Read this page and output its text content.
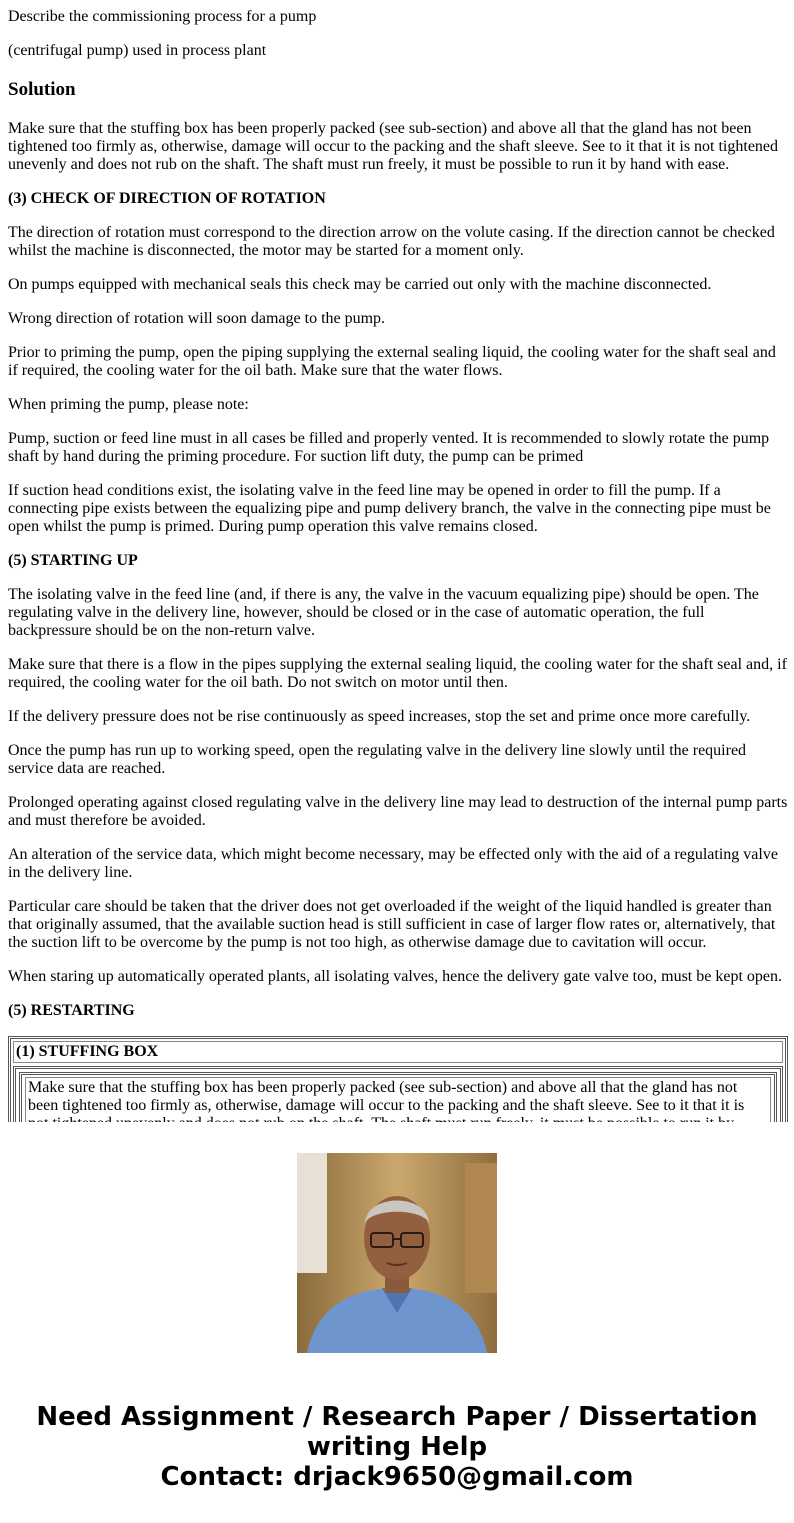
Describe the commissioning process for a pump

(centrifugal pump) used in process plant

Solution

Make sure that the stuffing box has been properly packed (see sub-section) and above all that the gland has not been tightened too firmly as, otherwise, damage will occur to the packing and the shaft sleeve. See to it that it is not tightened unevenly and does not rub on the shaft. The shaft must run freely, it must be possible to run it by hand with ease.

(3) CHECK OF DIRECTION OF ROTATION

The direction of rotation must correspond to the direction arrow on the volute casing. If the direction cannot be checked whilst the machine is disconnected, the motor may be started for a moment only.

On pumps equipped with mechanical seals this check may be carried out only with the machine disconnected.

Wrong direction of rotation will soon damage to the pump.

Prior to priming the pump, open the piping supplying the external sealing liquid, the cooling water for the shaft seal and if required, the cooling water for the oil bath. Make sure that the water flows.

When priming the pump, please note:

Pump, suction or feed line must in all cases be filled and properly vented. It is recommended to slowly rotate the pump shaft by hand during the priming procedure. For suction lift duty, the pump can be primed

If suction head conditions exist, the isolating valve in the feed line may be opened in order to fill the pump. If a connecting pipe exists between the equalizing pipe and pump delivery branch, the valve in the connecting pipe must be open whilst the pump is primed. During pump operation this valve remains closed.

(5) STARTING UP

The isolating valve in the feed line (and, if there is any, the valve in the vacuum equalizing pipe) should be open. The regulating valve in the delivery line, however, should be closed or in the case of automatic operation, the full backpressure should be on the non-return valve.

Make sure that there is a flow in the pipes supplying the external sealing liquid, the cooling water for the shaft seal and, if required, the cooling water for the oil bath. Do not switch on motor until then.

If the delivery pressure does not be rise continuously as speed increases, stop the set and prime once more carefully.

Once the pump has run up to working speed, open the regulating valve in the delivery line slowly until the required service data are reached.

Prolonged operating against closed regulating valve in the delivery line may lead to destruction of the internal pump parts and must therefore be avoided.

An alteration of the service data, which might become necessary, may be effected only with the aid of a regulating valve in the delivery line.

Particular care should be taken that the driver does not get overloaded if the weight of the liquid handled is greater than that originally assumed, that the available suction head is still sufficient in case of larger flow rates or, alternatively, that the suction lift to be overcome by the pump is not too high, as otherwise damage due to cavitation will occur.

When staring up automatically operated plants, all isolating valves, hence the delivery gate valve too, must be kept open.

(5) RESTARTING

(1) STUFFING BOX
Make sure that the stuffing box has been properly packed (see sub-section) and above all that the gland has not been tightened too firmly as, otherwise, damage will occur to the packing and the shaft sleeve. See to it that it is
Need Assignment / Research Paper / Dissertation
writing Help
Contact: drjack9650@gmail.com
